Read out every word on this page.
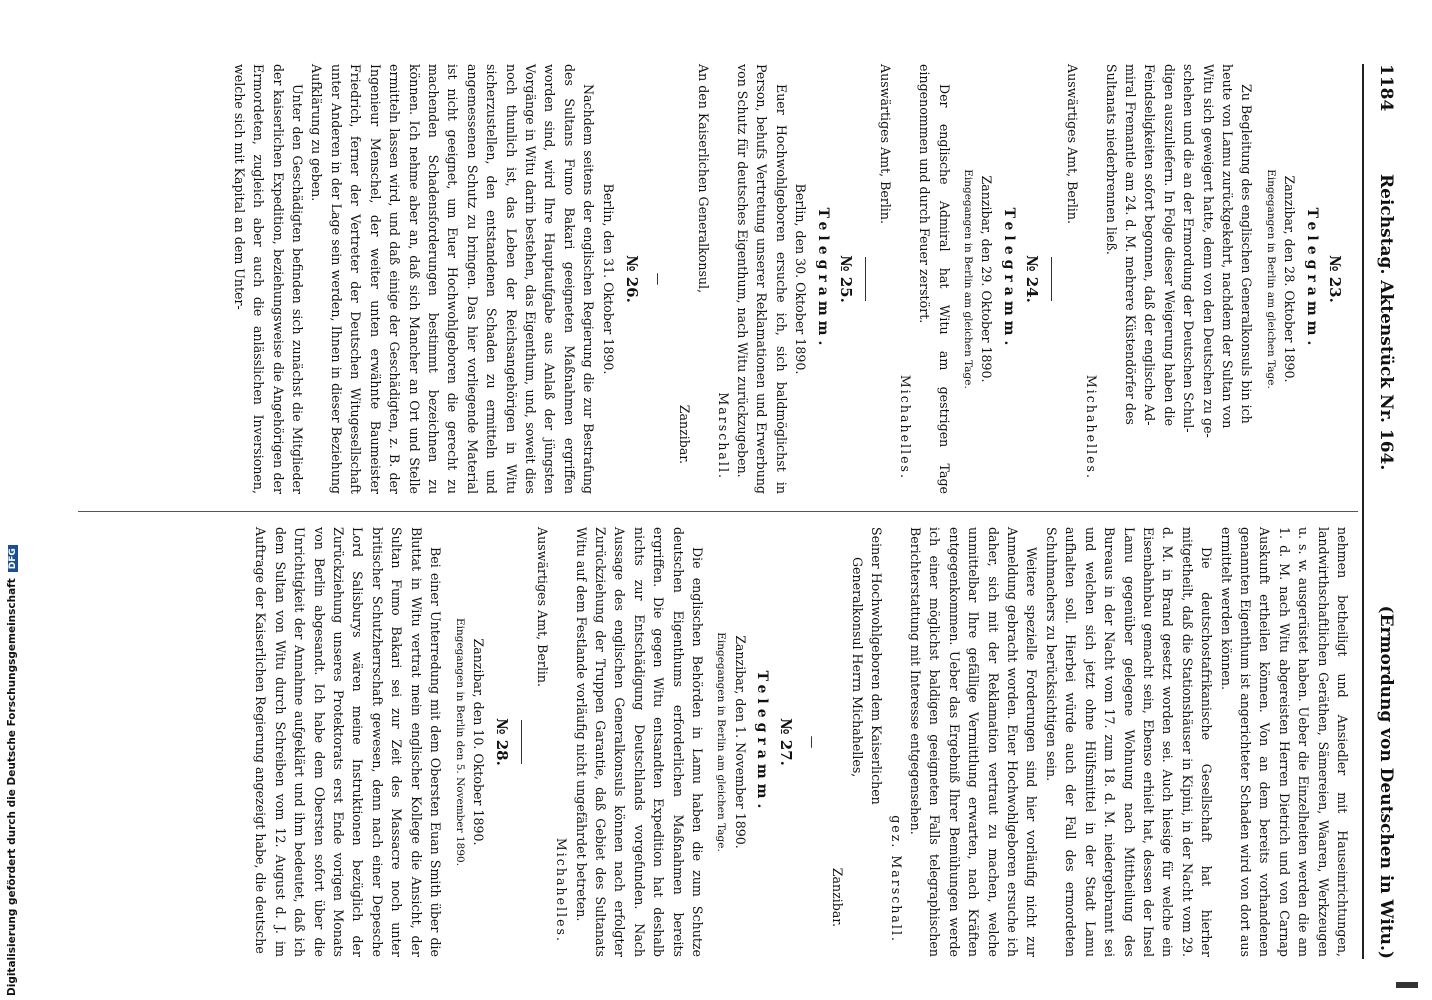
1184
Reichstag. Aktenstück Nr. 164.
(Ermordung von Deutschen in Witu.)
№ 23.
Telegramm.
Zanzibar, den 28. Oktober 1890.
Eingegangen in Berlin am gleichen Tage.

Zu Begleitung des englischen Generalkonsuls bin ich

heute von Lamu zurückgekehrt, nachdem der Sultan von
Witu sich geweigert hatte, denn von den Deutschen zu ge-
schehen und die an der Ermordung der Deutschen Schul-
digen auszuliefern. In Folge dieser Weigerung haben die
Feindseligkeiten sofort begonnen, daß der englische Ad-
miral Fremantle am 24. d. M. mehrere Küstendörfer des
Sultanats niederbrennen ließ.
Michahelles.
Auswärtiges Amt, Berlin.
№ 24.
Telegramm.
Zanzibar, den 29. Oktober 1890.
Eingegangen in Berlin am gleichen Tage.

Der englische Admiral hat Witu am gestrigen Tage eingenommen und durch Feuer zerstört.

Michahelles.
Auswärtiges Amt, Berlin.
№ 25.
Telegramm.
Berlin, den 30. Oktober 1890.

Euer Hochwohlgeboren ersuche ich, sich baldmöglichst in Person, behufs Vertretung unserer Reklamationen und Erwerbung von Schutz für deutsches Eigenthum, nach Witu zurückzugeben.

Marschall.
An den Kaiserlichen Generalkonsul,
Zanzibar.
—
№ 26.
Berlin, den 31. Oktober 1890.

Nachdem seitens der englischen Regierung die zur Bestrafung des Sultans Fumo Bakari geeigneten Maßnahmen ergriffen worden sind, wird Ihre Hauptaufgabe aus Anlaß der jüngsten Vorgänge in Witu darin bestehen, das Eigenthum, und, soweit dies noch thunlich ist, das Leben der Reichsangehörigen in Witu sicherzustellen, den entstandenen Schaden zu ermitteln und angemessenen Schutz zu bringen. Das hier vorliegende Material ist nicht geeignet, um Euer Hochwohlgeboren die gerecht zu machenden Schadensforderungen bestimmt bezeichnen zu können. Ich nehme aber an, daß sich Mancher an Ort und Stelle ermitteln lassen wird, und daß einige der Geschädigten, z. B. der Ingenieur Menschel, der weiter unten erwähnte Baumeister Friedrich, ferner der Vertreter der Deutschen Witugesellschaft unter Anderen in der Lage sein werden, Ihnen in dieser Beziehung Aufklärung zu geben.

Unter den Geschädigten befinden sich zunächst die Mitglieder der kaiserlichen Expedition, beziehungsweise die Angehörigen der Ermordeten, zugleich aber auch die anlässlichen Inversionen, welche sich mit Kapital an dem Unter-

nehmen betheiligt und Ansiedler mit Hauseinrichtungen, landwirthschaftlichen Geräthen, Sämereien, Waaren, Werkzeugen u. s. w. ausgerüstet haben. Ueber die Einzelheiten werden die am 1. d. M. nach Witu abgereisten Herren Dietrich und von Carnap Auskunft ertheilen können. Von an dem bereits vorhandenen genannten Eigenthum ist angerichteter Schaden wird von dort aus ermittelt werden können.

Die deutschostafrikanische Gesellschaft hat hierher mitgetheilt, daß die Stationshäuser in Kipini, in der Nacht vom 29. d. M. in Brand gesetzt worden sei. Auch hiesige für welche ein Eisenbahnbau gemacht sein, Ebenso erhielt hat, dessen der Insel Lamu gegenüber gelegene Wohnung nach Mittheilung des Bureaus in der Nacht vom 17. zum 18. d. M. niedergebrannt sei und welchen sich jetzt ohne Hülfsmittel in der Stadt Lamu aufhalten soll. Hierbei würde auch der Fall des ermordeten Schuhmachers zu berücksichtigen sein.

Weitere spezielle Forderungen sind hier vorläufig nicht zur Anmeldung gebracht worden. Euer Hochwohlgeboren ersuche ich daher, sich mit der Reklamation vertraut zu machen, welche unmittelbar Ihre gefällige Vermittlung erwarten, nach Kräften entgegenkommen. Ueber das Ergebniß Ihrer Bemühungen werde ich einer möglichst baldigen geeigneten Falls telegraphischen Berichterstattung mit Interesse entgegensehen.

gez. Marschall.
Seiner Hochwohlgeboren dem Kaiserlichen
Generalkonsul Herrn Michahelles,
Zanzibar.
—
№ 27.
Telegramm.
Zanzibar, den 1. November 1890.
Eingegangen in Berlin am gleichen Tage.

Die englischen Behörden in Lamu haben die zum Schutze deutschen Eigenthums erforderlichen Maßnahmen bereits ergriffen. Die gegen Witu entsandten Expedition hat deshalb nichts zur Entschädigung Deutschlands vorgefunden. Nach Aussage des englischen Generalkonsuls können nach erfolgter Zurückziehung der Truppen Garantie, daß Gebiet des Sultanats Witu auf dem Festlande vorläufig nicht ungefährdet betreten.

Michahelles.
Auswärtiges Amt, Berlin.
№ 28.
Zanzibar, den 10. Oktober 1890.
Eingegangen in Berlin den 5. November 1890.

Bei einer Unterredung mit dem Obersten Euan Smith über die Bluttat in Witu vertrat mein englischer Kollege die Ansicht, der Sultan Fumo Bakari sei zur Zeit des Massacre noch unter britischer Schutzherrschaft gewesen, denn nach einer Depesche Lord Salisburys wären meine Instruktionen bezüglich der Zurückziehung unseres Protektorats erst Ende vorigen Monats von Berlin abgesandt. Ich habe dem Obersten sofort über die Unrichtigkeit der Annahme aufgeklärt und ihm bedeutet, daß ich dem Sultan von Witu durch Schreiben vom 12. August d. J. im Auftrage der Kaiserlichen Regierung angezeigt habe, die deutsche

Digitalisierung gefördert durch die Deutsche ForschungsgemeinschaftDFG
